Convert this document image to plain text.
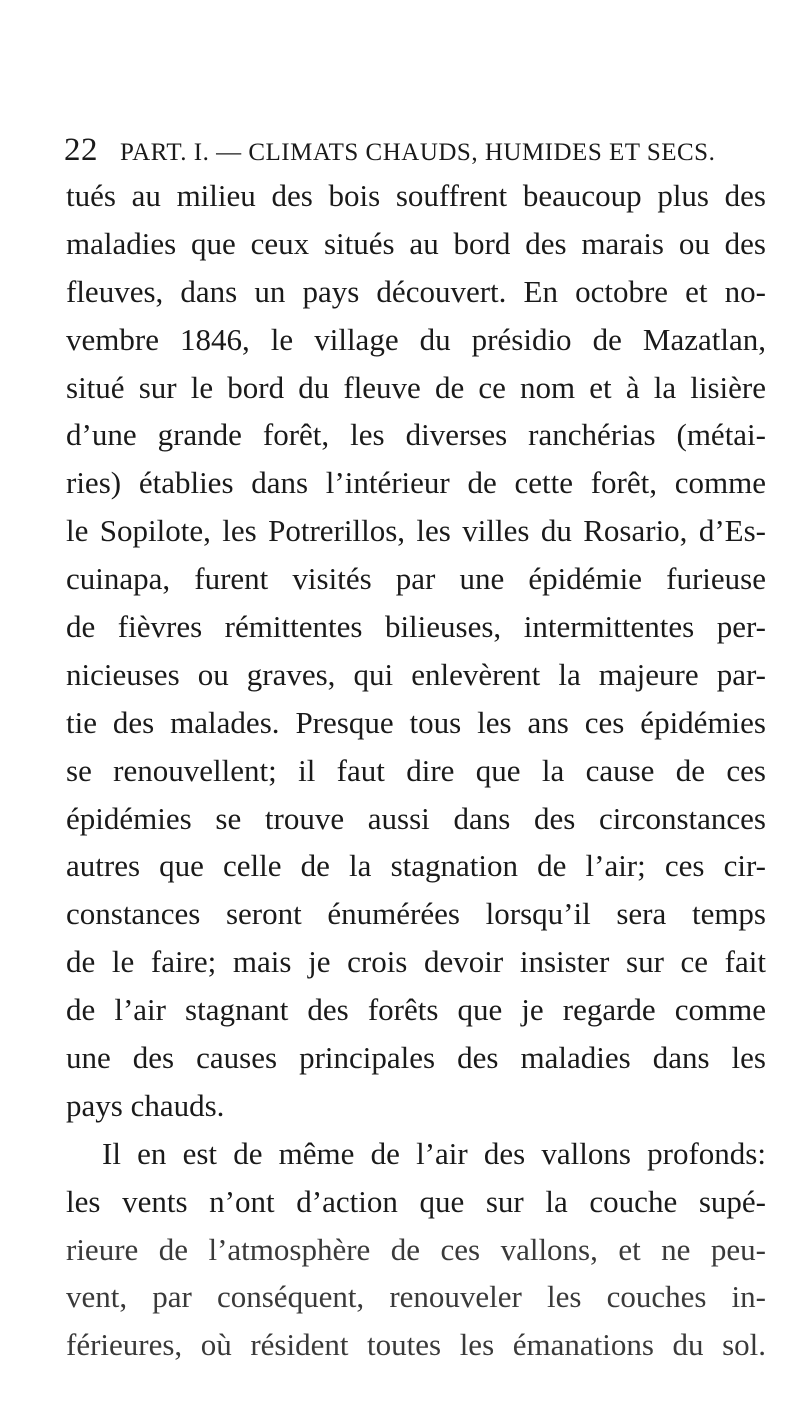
22 PART. I. — CLIMATS CHAUDS, HUMIDES ET SECS.
tués au milieu des bois souffrent beaucoup plus des
maladies que ceux situés au bord des marais ou des
fleuves, dans un pays découvert. En octobre et no-
vembre 1846, le village du présidio de Mazatlan,
situé sur le bord du fleuve de ce nom et à la lisière
d’une grande forêt, les diverses ranchérias (métai-
ries) établies dans l’intérieur de cette forêt, comme
le Sopilote, les Potrerillos, les villes du Rosario, d’Es-
cuinapa, furent visités par une épidémie furieuse
de fièvres rémittentes bilieuses, intermittentes per-
nicieuses ou graves, qui enlevèrent la majeure par-
tie des malades. Presque tous les ans ces épidémies
se renouvellent; il faut dire que la cause de ces
épidémies se trouve aussi dans des circonstances
autres que celle de la stagnation de l’air; ces cir-
constances seront énumérées lorsqu’il sera temps
de le faire; mais je crois devoir insister sur ce fait
de l’air stagnant des forêts que je regarde comme
une des causes principales des maladies dans les
pays chauds.
Il en est de même de l’air des vallons profonds:
les vents n’ont d’action que sur la couche supé-
rieure de l’atmosphère de ces vallons, et ne peu-
vent, par conséquent, renouveler les couches in-
férieures, où résident toutes les émanations du sol.
